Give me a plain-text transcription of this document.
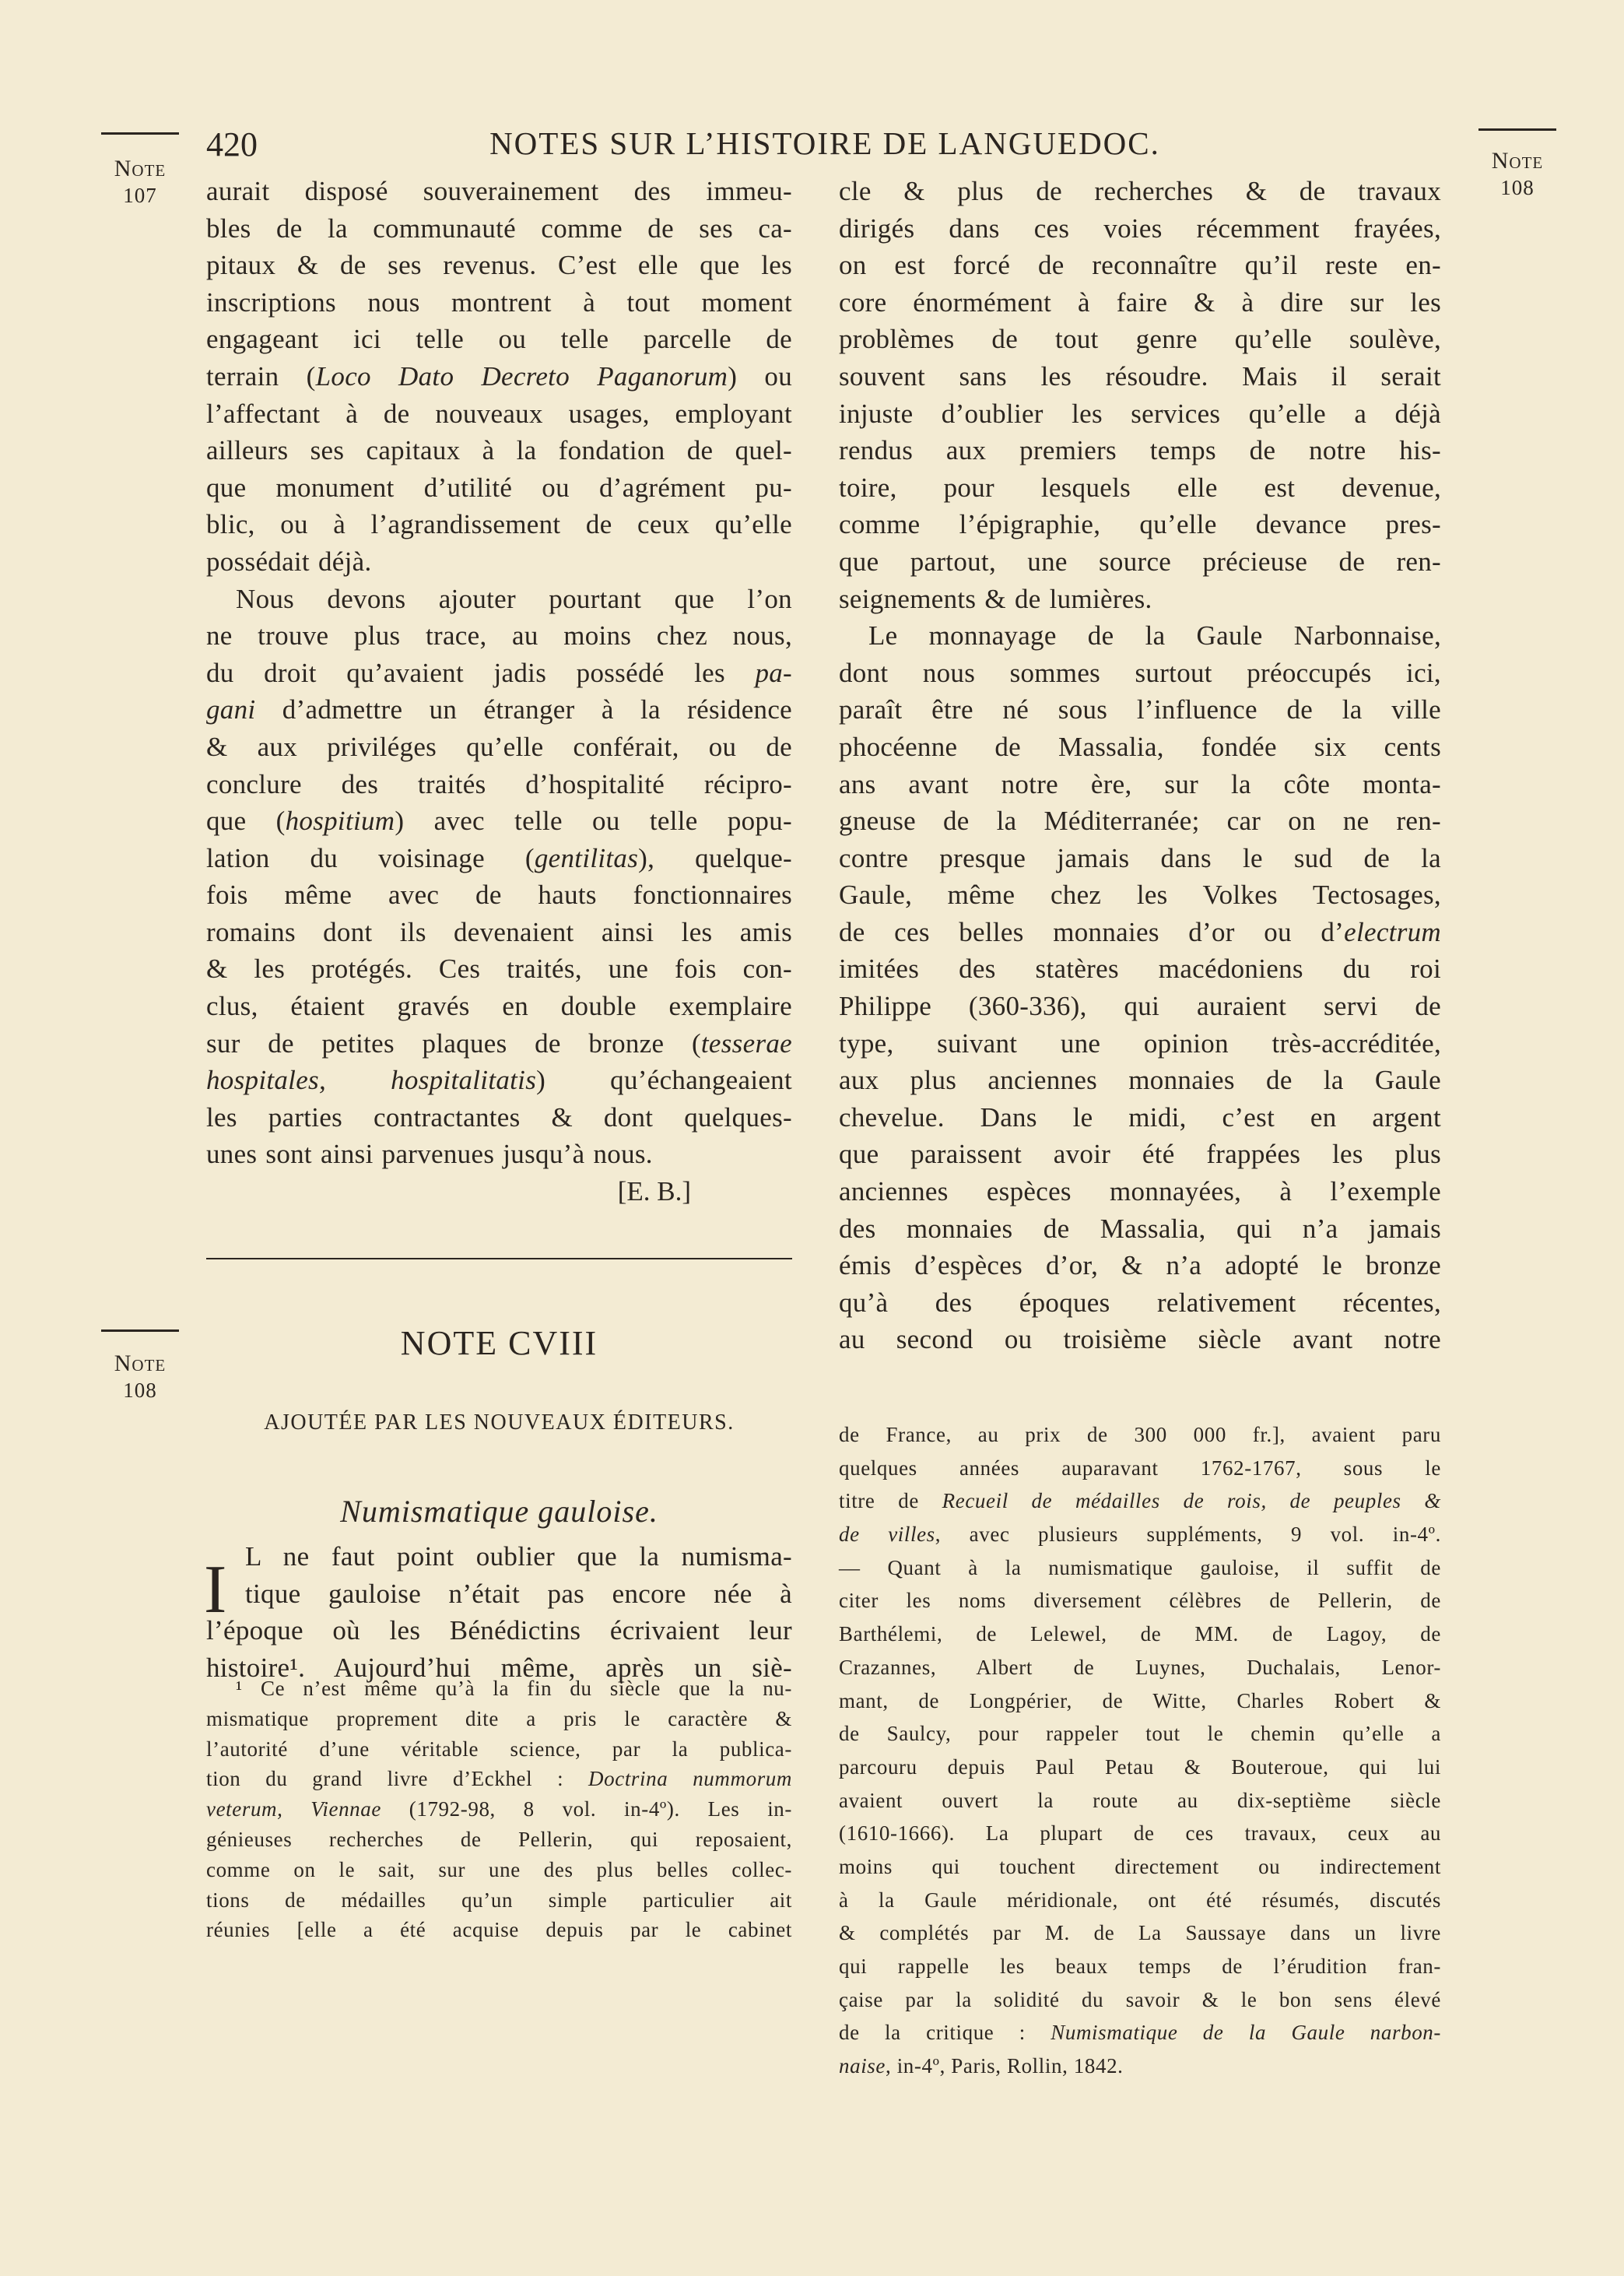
Note
107
420	NOTES SUR L’HISTOIRE DE LANGUEDOC.	Note
108
aurait disposé souverainement des immeu-
bles de la communauté comme de ses ca-
pitaux & de ses revenus. C’est elle que les
inscriptions nous montrent à tout moment
engageant ici telle ou telle parcelle de
terrain (Loco Dato Decreto Paganorum) ou
l’affectant à de nouveaux usages, employant
ailleurs ses capitaux à la fondation de quel-
que monument d’utilité ou d’agrément pu-
blic, ou à l’agrandissement de ceux qu’elle
possédait déjà.
Nous devons ajouter pourtant que l’on
ne trouve plus trace, au moins chez nous,
du droit qu’avaient jadis possédé les pa-
gani d’admettre un étranger à la résidence
& aux priviléges qu’elle conférait, ou de
conclure des traités d’hospitalité récipro-
que (hospitium) avec telle ou telle popu-
lation du voisinage (gentilitas), quelque-
fois même avec de hauts fonctionnaires
romains dont ils devenaient ainsi les amis
& les protégés. Ces traités, une fois con-
clus, étaient gravés en double exemplaire
sur de petites plaques de bronze (tesserae
hospitales, hospitalitatis) qu’échangeaient
les parties contractantes & dont quelques-
unes sont ainsi parvenues jusqu’à nous.
[E. B.]
cle & plus de recherches & de travaux
dirigés dans ces voies récemment frayées,
on est forcé de reconnaître qu’il reste en-
core énormément à faire & à dire sur les
problèmes de tout genre qu’elle soulève,
souvent sans les résoudre. Mais il serait
injuste d’oublier les services qu’elle a déjà
rendus aux premiers temps de notre his-
toire, pour lesquels elle est devenue,
comme l’épigraphie, qu’elle devance pres-
que partout, une source précieuse de ren-
seignements & de lumières.
Le monnayage de la Gaule Narbonnaise,
dont nous sommes surtout préoccupés ici,
paraît être né sous l’influence de la ville
phocéenne de Massalia, fondée six cents
ans avant notre ère, sur la côte monta-
gneuse de la Méditerranée; car on ne ren-
contre presque jamais dans le sud de la
Gaule, même chez les Volkes Tectosages,
de ces belles monnaies d’or ou d’electrum
imitées des statères macédoniens du roi
Philippe (360-336), qui auraient servi de
type, suivant une opinion très-accréditée,
aux plus anciennes monnaies de la Gaule
chevelue. Dans le midi, c’est en argent
que paraissent avoir été frappées les plus
anciennes espèces monnayées, à l’exemple
des monnaies de Massalia, qui n’a jamais
émis d’espèces d’or, & n’a adopté le bronze
qu’à des époques relativement récentes,
au second ou troisième siècle avant notre
Note
108
NOTE CVIII
AJOUTÉE PAR LES NOUVEAUX ÉDITEURS.
Numismatique gauloise.
I L ne faut point oublier que la numisma-
tique gauloise n’était pas encore née à
l’époque où les Bénédictins écrivaient leur
histoire¹. Aujourd’hui même, après un siè-
¹ Ce n’est même qu’à la fin du siècle que la nu-
mismatique proprement dite a pris le caractère &
l’autorité d’une véritable science, par la publica-
tion du grand livre d’Eckhel : Doctrina nummorum
veterum, Viennae (1792-98, 8 vol. in-4º). Les in-
génieuses recherches de Pellerin, qui reposaient,
comme on le sait, sur une des plus belles collec-
tions de médailles qu’un simple particulier ait
réunies [elle a été acquise depuis par le cabinet
de France, au prix de 300 000 fr.], avaient paru
quelques années auparavant 1762-1767, sous le
titre de Recueil de médailles de rois, de peuples &
de villes, avec plusieurs suppléments, 9 vol. in-4º.
— Quant à la numismatique gauloise, il suffit de
citer les noms diversement célèbres de Pellerin, de
Barthélemi, de Lelewel, de MM. de Lagoy, de
Crazannes, Albert de Luynes, Duchalais, Lenor-
mant, de Longpérier, de Witte, Charles Robert &
de Saulcy, pour rappeler tout le chemin qu’elle a
parcouru depuis Paul Petau & Bouteroue, qui lui
avaient ouvert la route au dix-septième siècle
(1610-1666). La plupart de ces travaux, ceux au
moins qui touchent directement ou indirectement
à la Gaule méridionale, ont été résumés, discutés
& complétés par M. de La Saussaye dans un livre
qui rappelle les beaux temps de l’érudition fran-
çaise par la solidité du savoir & le bon sens élevé
de la critique : Numismatique de la Gaule narbon-
naise, in-4º, Paris, Rollin, 1842.
